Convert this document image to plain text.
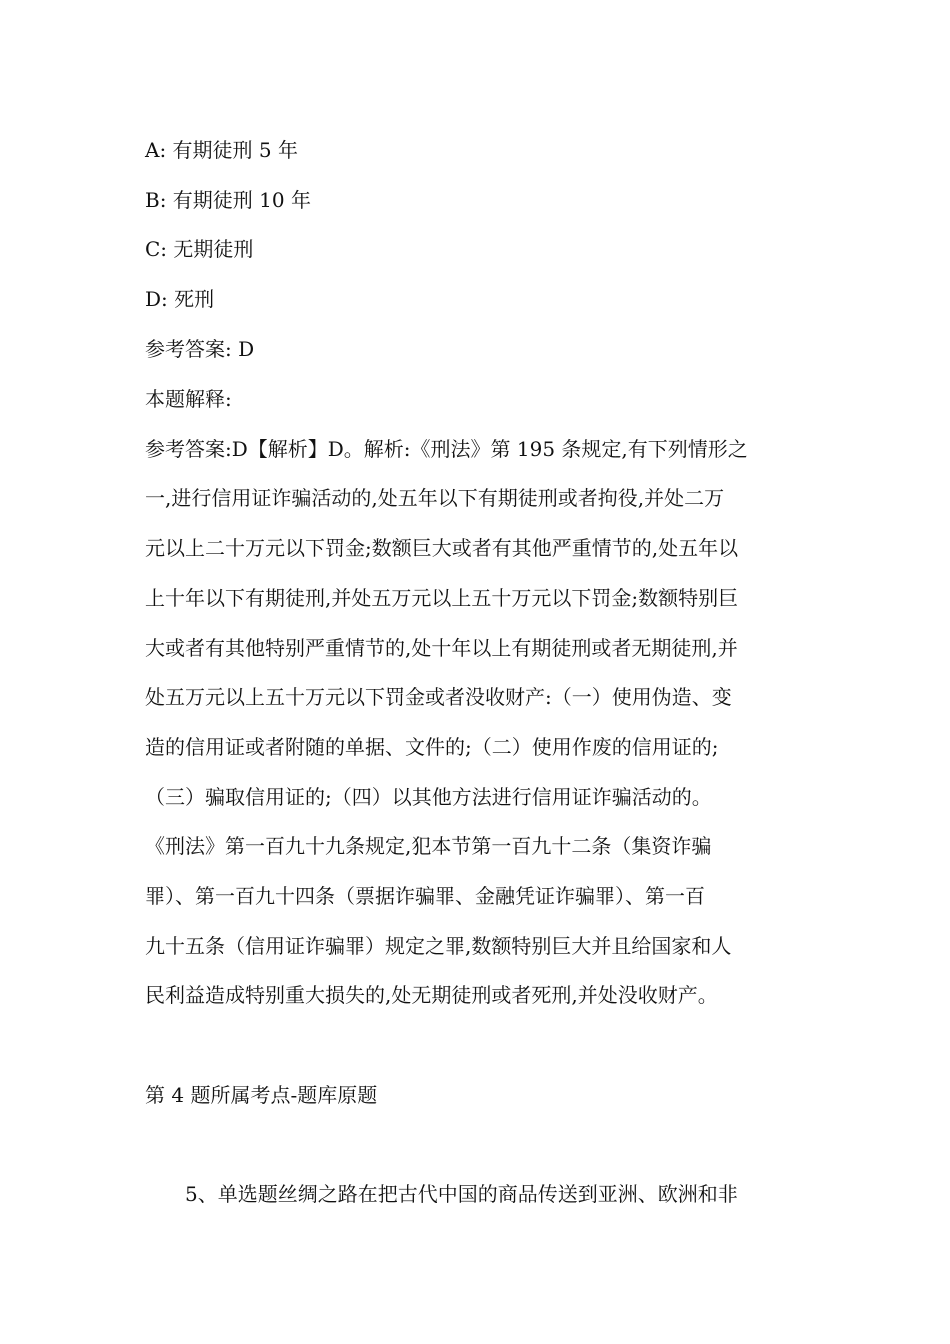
A: 有期徒刑 5 年
B: 有期徒刑 10 年
C: 无期徒刑
D: 死刑
参考答案: D
本题解释:
参考答案:D【解析】D。解析:《刑法》第 195 条规定,有下列情形之
一,进行信用证诈骗活动的,处五年以下有期徒刑或者拘役,并处二万
元以上二十万元以下罚金;数额巨大或者有其他严重情节的,处五年以
上十年以下有期徒刑,并处五万元以上五十万元以下罚金;数额特别巨
大或者有其他特别严重情节的,处十年以上有期徒刑或者无期徒刑,并
处五万元以上五十万元以下罚金或者没收财产:（一）使用伪造、变
造的信用证或者附随的单据、文件的;（二）使用作废的信用证的;
（三）骗取信用证的;（四）以其他方法进行信用证诈骗活动的。
《刑法》第一百九十九条规定,犯本节第一百九十二条（集资诈骗
罪）、第一百九十四条（票据诈骗罪、金融凭证诈骗罪）、第一百
九十五条（信用证诈骗罪）规定之罪,数额特别巨大并且给国家和人
民利益造成特别重大损失的,处无期徒刑或者死刑,并处没收财产。
第 4 题所属考点-题库原题
5、单选题丝绸之路在把古代中国的商品传送到亚洲、欧洲和非
